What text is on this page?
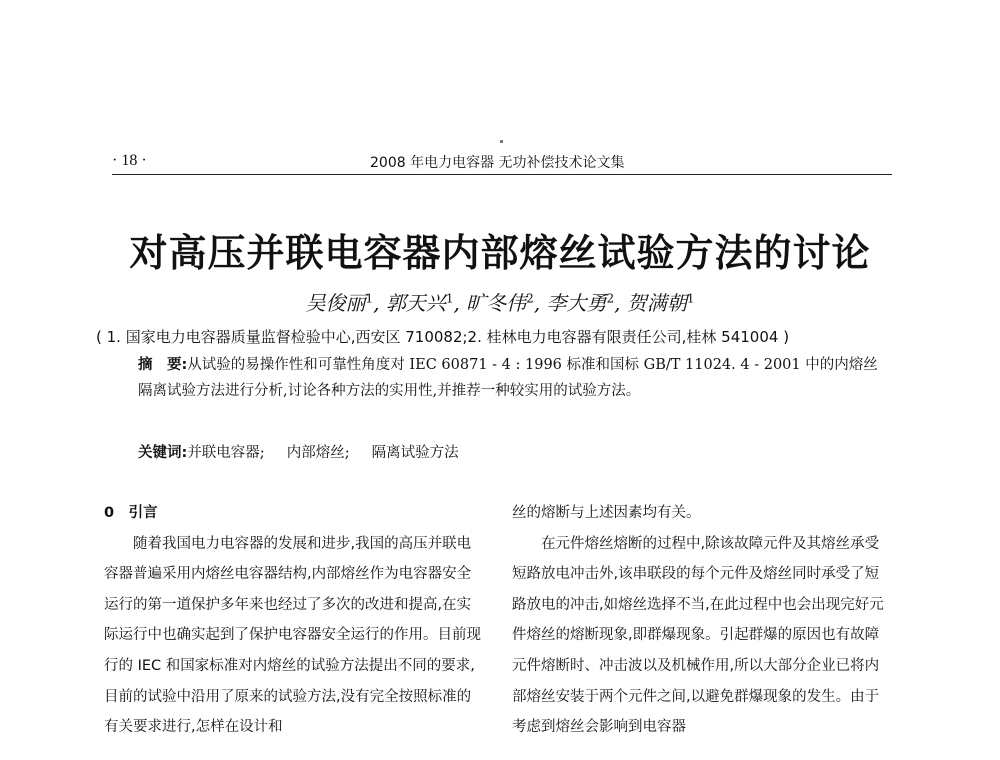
· 18 ·	2008 年电力电容器 无功补偿技术论文集
对高压并联电容器内部熔丝试验方法的讨论
吴俊丽$^1$, 郭天兴$^1$, 旷冬伟$^2$, 李大勇$^2$, 贺满朝$^1$
( 1. 国家电力电容器质量监督检验中心,西安区 710082;2. 桂林电力电容器有限责任公司,桂林 541004 )
摘　要:从试验的易操作性和可靠性角度对 IEC 60871 - 4 : 1996 标准和国标 GB/T 11024. 4 - 2001 中的内熔丝隔离试验方法进行分析,讨论各种方法的实用性,并推荐一种较实用的试验方法。
关键词:并联电容器; 内部熔丝; 隔离试验方法

0　引言

随着我国电力电容器的发展和进步,我国的高压并联电容器普遍采用内熔丝电容器结构,内部熔丝作为电容器安全运行的第一道保护多年来也经过了多次的改进和提高,在实际运行中也确实起到了保护电容器安全运行的作用。目前现行的 IEC 和国家标准对内熔丝的试验方法提出不同的要求,目前的试验中沿用了原来的试验方法,没有完全按照标准的有关要求进行,怎样在设计和

丝的熔断与上述因素均有关。

在元件熔丝熔断的过程中,除该故障元件及其熔丝承受短路放电冲击外,该串联段的每个元件及熔丝同时承受了短路放电的冲击,如熔丝选择不当,在此过程中也会出现完好元件熔丝的熔断现象,即群爆现象。引起群爆的原因也有故障元件熔断时、冲击波以及机械作用,所以大部分企业已将内部熔丝安装于两个元件之间,以避免群爆现象的发生。由于考虑到熔丝会影响到电容器
